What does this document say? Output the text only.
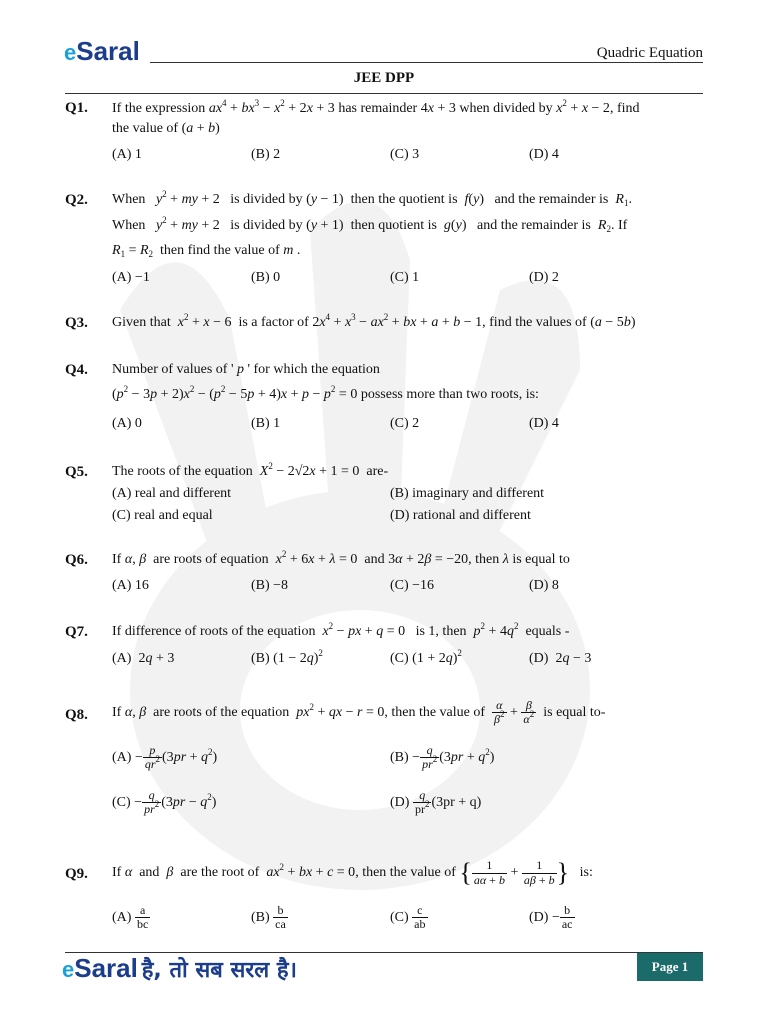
eSaral	Quadric Equation
JEE DPP
Q1. If the expression $ax^4 + bx^3 - x^2 + 2x + 3$ has remainder 4x + 3 when divided by $x^2 + x - 2$, find
the value of (a + b)
(A) 1	(B) 2	(C) 3	(D) 4
Q2. When $y^2$ + my + 2   is divided by (y − 1)  then the quotient is f(y)   and the remainder is $R_1$.
When $y^2$ + my + 2   is divided by (y + 1)  then quotient is g(y)   and the remainder is $R_2$. If
$R_1 = R_2$ then find the value of m .
(A) −1	(B) 0	(C) 1	(D) 2
Q3. Given that $x^2 + x - 6$  is a factor of $2x^4 + x^3 - ax^2$ + bx + a + b − 1, find the values of (a − 5b)
Q4. Number of values of ' p ' for which the equation
$(p^2 - 3p + 2)x^2 - (p^2 - 5p + 4)x + p - p^2 = 0$ possess more than two roots, is:
(A) 0	(B) 1	(C) 2	(D) 4
Q5. The roots of the equation $X^2 - 2√2x + 1 = 0$  are-
(A) real and different	(B) imaginary and different
(C) real and equal	(D) rational and different
Q6. If α, β are roots of equation $x^2 + 6x + \lambda = 0$  and 3α + 2β = −20, then λ is equal to
(A) 16	(B) −8	(C) −16	(D) 8
Q7. If difference of roots of the equation $x^2$ − px + q = 0   is 1, then $p^2 + 4q^2$ equals -
(A)  2q + 3	(B) $(1 - 2q)^2$	(C) $(1 + 2q)^2$	(D)  2q − 3
Q8. If α, β are roots of the equation $px^2$ + qx − r = 0, then the value of $\frac{\alpha}{\beta^2} + \frac{\beta}{\alpha^2}$ is equal to-
$(A) - \frac{p}{qr^2} (3pr + q^2)$	$(B) - \frac{q}{pr^2} (3pr + q^2)$
$(C) - \frac{q}{pr^2} (3pr - q^2)$	$(D) \frac{q}{pr^2} (3pr + q)$
Q9. If α and β are the root of $ax^2$ + bx + c = 0, then the value of { $\frac{1}{a\alpha + b} + \frac{1}{a\beta + b}$ } is:
$(A) \frac{a}{bc}$	$(B) \frac{b}{ca}$	$(C) \frac{c}{ab}$	$(D) - \frac{b}{ac}$
eSaral है, तो सब सरल है।	Page 1
